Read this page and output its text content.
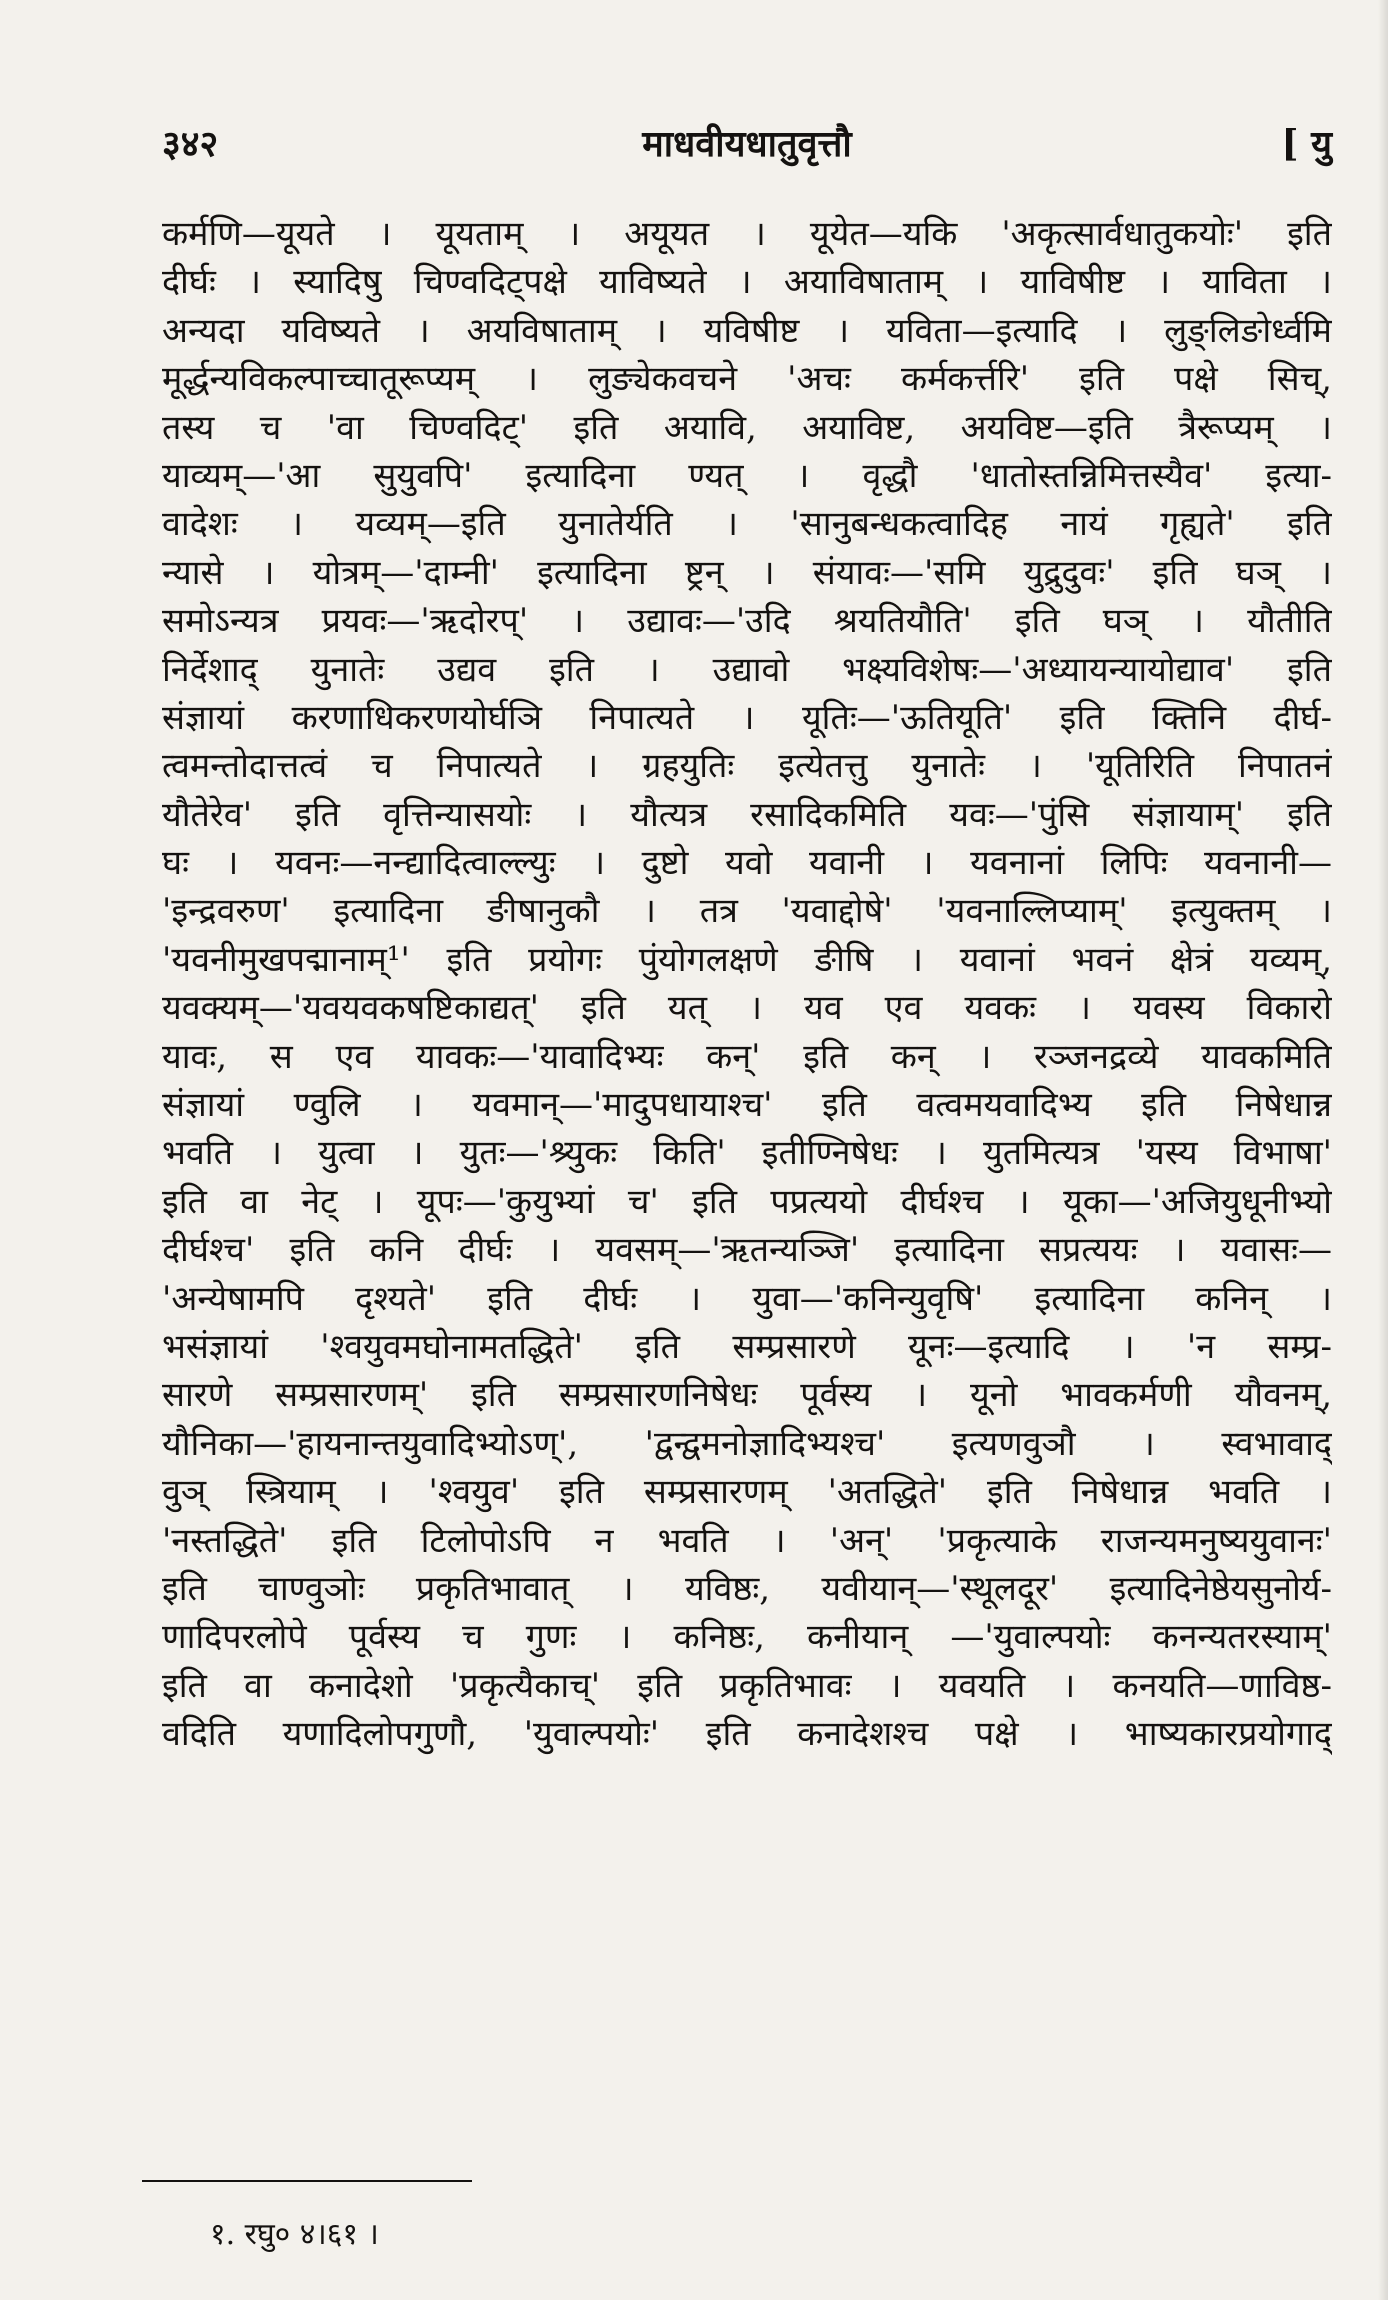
३४२	माधवीयधातुवृत्तौ	[ यु
कर्मणि—यूयते । यूयताम् । अयूयत । यूयेत—यकि 'अकृत्सार्वधातुकयोः' इति
दीर्घः । स्यादिषु चिण्वदिट्पक्षे याविष्यते । अयाविषाताम् । याविषीष्ट । याविता ।
अन्यदा यविष्यते । अयविषाताम् । यविषीष्ट । यविता—इत्यादि । लुङ्लिङोर्ध्वमि
मूर्द्धन्यविकल्पाच्चातूरूप्यम् । लुङ्येकवचने 'अचः कर्मकर्त्तरि' इति पक्षे सिच्,
तस्य च 'वा चिण्वदिट्' इति अयावि, अयाविष्ट, अयविष्ट—इति त्रैरूप्यम् ।
याव्यम्—'आ सुयुवपि' इत्यादिना ण्यत् । वृद्धौ 'धातोस्तन्निमित्तस्यैव' इत्या-
वादेशः । यव्यम्—इति युनातेर्यति । 'सानुबन्धकत्वादिह नायं गृह्यते' इति
न्यासे । योत्रम्—'दाम्नी' इत्यादिना ष्ट्रन् । संयावः—'समि युद्रुदुवः' इति घञ् ।
समोऽन्यत्र प्रयवः—'ऋदोरप्' । उद्यावः—'उदि श्रयतियौति' इति घञ् । यौतीति
निर्देशाद् युनातेः उद्यव इति । उद्यावो भक्ष्यविशेषः—'अध्यायन्यायोद्याव' इति
संज्ञायां करणाधिकरणयोर्घञि निपात्यते । यूतिः—'ऊतियूति' इति क्तिनि दीर्घ-
त्वमन्तोदात्तत्वं च निपात्यते । ग्रहयुतिः इत्येतत्तु युनातेः । 'यूतिरिति निपातनं
यौतेरेव' इति वृत्तिन्यासयोः । यौत्यत्र रसादिकमिति यवः—'पुंसि संज्ञायाम्' इति
घः । यवनः—नन्द्यादित्वाल्ल्युः । दुष्टो यवो यवानी । यवनानां लिपिः यवनानी—
'इन्द्रवरुण' इत्यादिना ङीषानुकौ । तत्र 'यवाद्दोषे' 'यवनाल्लिप्याम्' इत्युक्तम् ।
'यवनीमुखपद्मानाम्¹' इति प्रयोगः पुंयोगलक्षणे ङीषि । यवानां भवनं क्षेत्रं यव्यम्,
यवक्यम्—'यवयवकषष्टिकाद्यत्' इति यत् । यव एव यवकः । यवस्य विकारो
यावः, स एव यावकः—'यावादिभ्यः कन्' इति कन् । रञ्जनद्रव्ये यावकमिति
संज्ञायां ण्वुलि । यवमान्—'मादुपधायाश्च' इति वत्वमयवादिभ्य इति निषेधान्न
भवति । युत्वा । युतः—'श्र्युकः किति' इतीण्निषेधः । युतमित्यत्र 'यस्य विभाषा'
इति वा नेट् । यूपः—'कुयुभ्यां च' इति पप्रत्ययो दीर्घश्च । यूका—'अजियुधूनीभ्यो
दीर्घश्च' इति कनि दीर्घः । यवसम्—'ऋतन्यञ्जि' इत्यादिना सप्रत्ययः । यवासः—
'अन्येषामपि दृश्यते' इति दीर्घः । युवा—'कनिन्युवृषि' इत्यादिना कनिन् ।
भसंज्ञायां 'श्वयुवमघोनामतद्धिते' इति सम्प्रसारणे यूनः—इत्यादि । 'न सम्प्र-
सारणे सम्प्रसारणम्' इति सम्प्रसारणनिषेधः पूर्वस्य । यूनो भावकर्मणी यौवनम्,
यौनिका—'हायनान्तयुवादिभ्योऽण्', 'द्वन्द्वमनोज्ञादिभ्यश्च' इत्यणवुञौ । स्वभावाद्
वुञ् स्त्रियाम् । 'श्वयुव' इति सम्प्रसारणम् 'अतद्धिते' इति निषेधान्न भवति ।
'नस्तद्धिते' इति टिलोपोऽपि न भवति । 'अन्' 'प्रकृत्याके राजन्यमनुष्ययुवानः'
इति चाण्वुञोः प्रकृतिभावात् । यविष्ठः, यवीयान्—'स्थूलदूर' इत्यादिनेष्ठेयसुनोर्य-
णादिपरलोपे पूर्वस्य च गुणः । कनिष्ठः, कनीयान् —'युवाल्पयोः कनन्यतरस्याम्'
इति वा कनादेशो 'प्रकृत्यैकाच्' इति प्रकृतिभावः । यवयति । कनयति—णाविष्ठ-
वदिति यणादिलोपगुणौ, 'युवाल्पयोः' इति कनादेशश्च पक्षे । भाष्यकारप्रयोगाद्
१. रघु० ४।६१ ।
